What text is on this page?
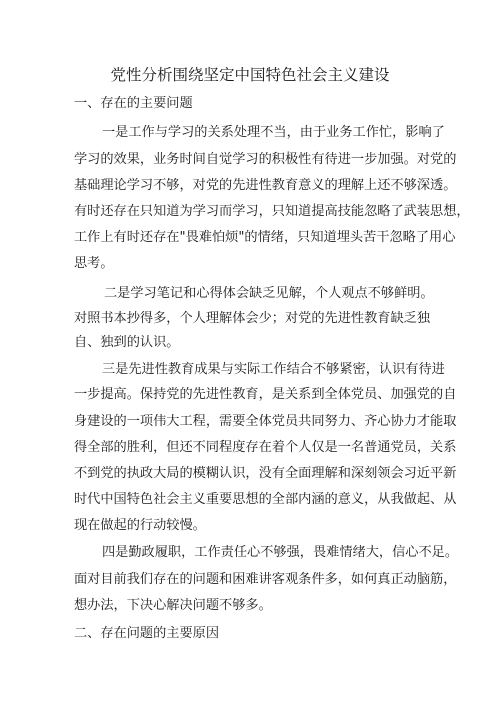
党性分析围绕坚定中国特色社会主义建设
一、存在的主要问题
一是工作与学习的关系处理不当，由于业务工作忙，影响了
学习的效果，业务时间自觉学习的积极性有待进一步加强。对党的
基础理论学习不够，对党的先进性教育意义的理解上还不够深透。
有时还存在只知道为学习而学习，只知道提高技能忽略了武装思想，
工作上有时还存在"畏难怕烦"的情绪，只知道埋头苦干忽略了用心
思考。
二是学习笔记和心得体会缺乏见解，个人观点不够鲜明。
对照书本抄得多，个人理解体会少；对党的先进性教育缺乏独
自、独到的认识。
三是先进性教育成果与实际工作结合不够紧密，认识有待进
一步提高。保持党的先进性教育，是关系到全体党员、加强党的自
身建设的一项伟大工程，需要全体党员共同努力、齐心协力才能取
得全部的胜利，但还不同程度存在着个人仅是一名普通党员，关系
不到党的执政大局的模糊认识，没有全面理解和深刻领会习近平新
时代中国特色社会主义重要思想的全部内涵的意义，从我做起、从
现在做起的行动较慢。
四是勤政履职，工作责任心不够强，畏难情绪大，信心不足。
面对目前我们存在的问题和困难讲客观条件多，如何真正动脑筋，
想办法，下决心解决问题不够多。
二、存在问题的主要原因
